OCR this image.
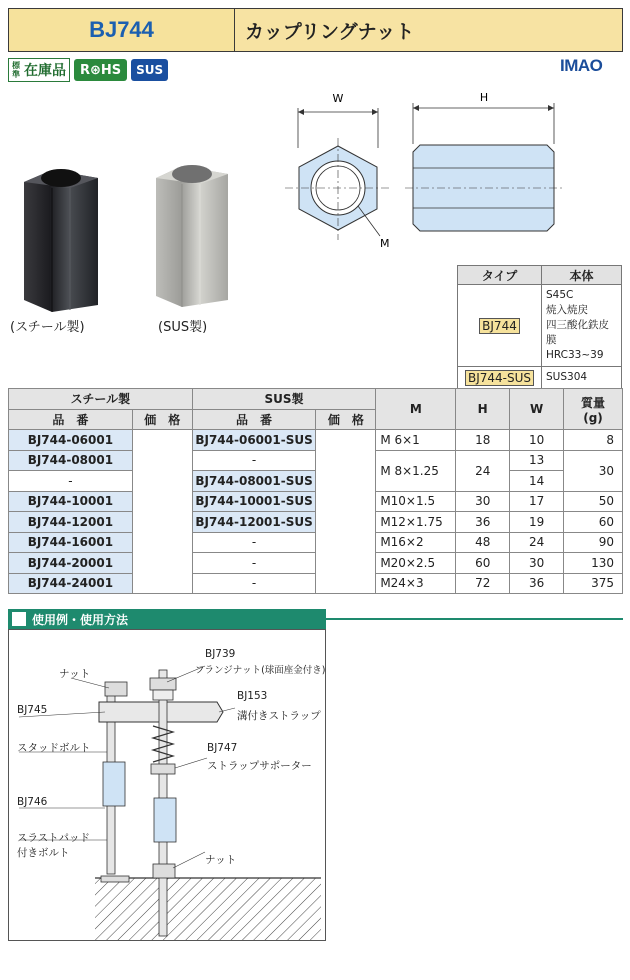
BJ744	カップリングナット
標準 在庫品	R⊛HS	SUS	IMAO
(スチール製)	(SUS製)
W	H
M
タイプ	本体
BJ744	S45C
焼入焼戻
四三酸化鉄皮膜
HRC33~39

BJ744-SUS	SUS304
スチール製		SUS製		M	H	W	質量
(g)
品　番	価　格	品　番	価　格				
BJ744-06001		BJ744-06001-SUS		M 6×1	18	10	8
BJ744-08001		-		M 8×1.25	24	13	30
-		BJ744-08001-SUS				14	
BJ744-10001		BJ744-10001-SUS		M10×1.5	30	17	50
BJ744-12001		BJ744-12001-SUS		M12×1.75	36	19	60
BJ744-16001		-		M16×2	48	24	90
BJ744-20001		-		M20×2.5	60	30	130
BJ744-24001		-		M24×3	72	36	375
使用例・使用方法
ナット
BJ745
スタッドボルト
BJ746
スラストパッド
付きボルト
BJ739
フランジナット(球面座金付き)
BJ153
溝付きストラップ
BJ747
ストラップサポーター
ナット
